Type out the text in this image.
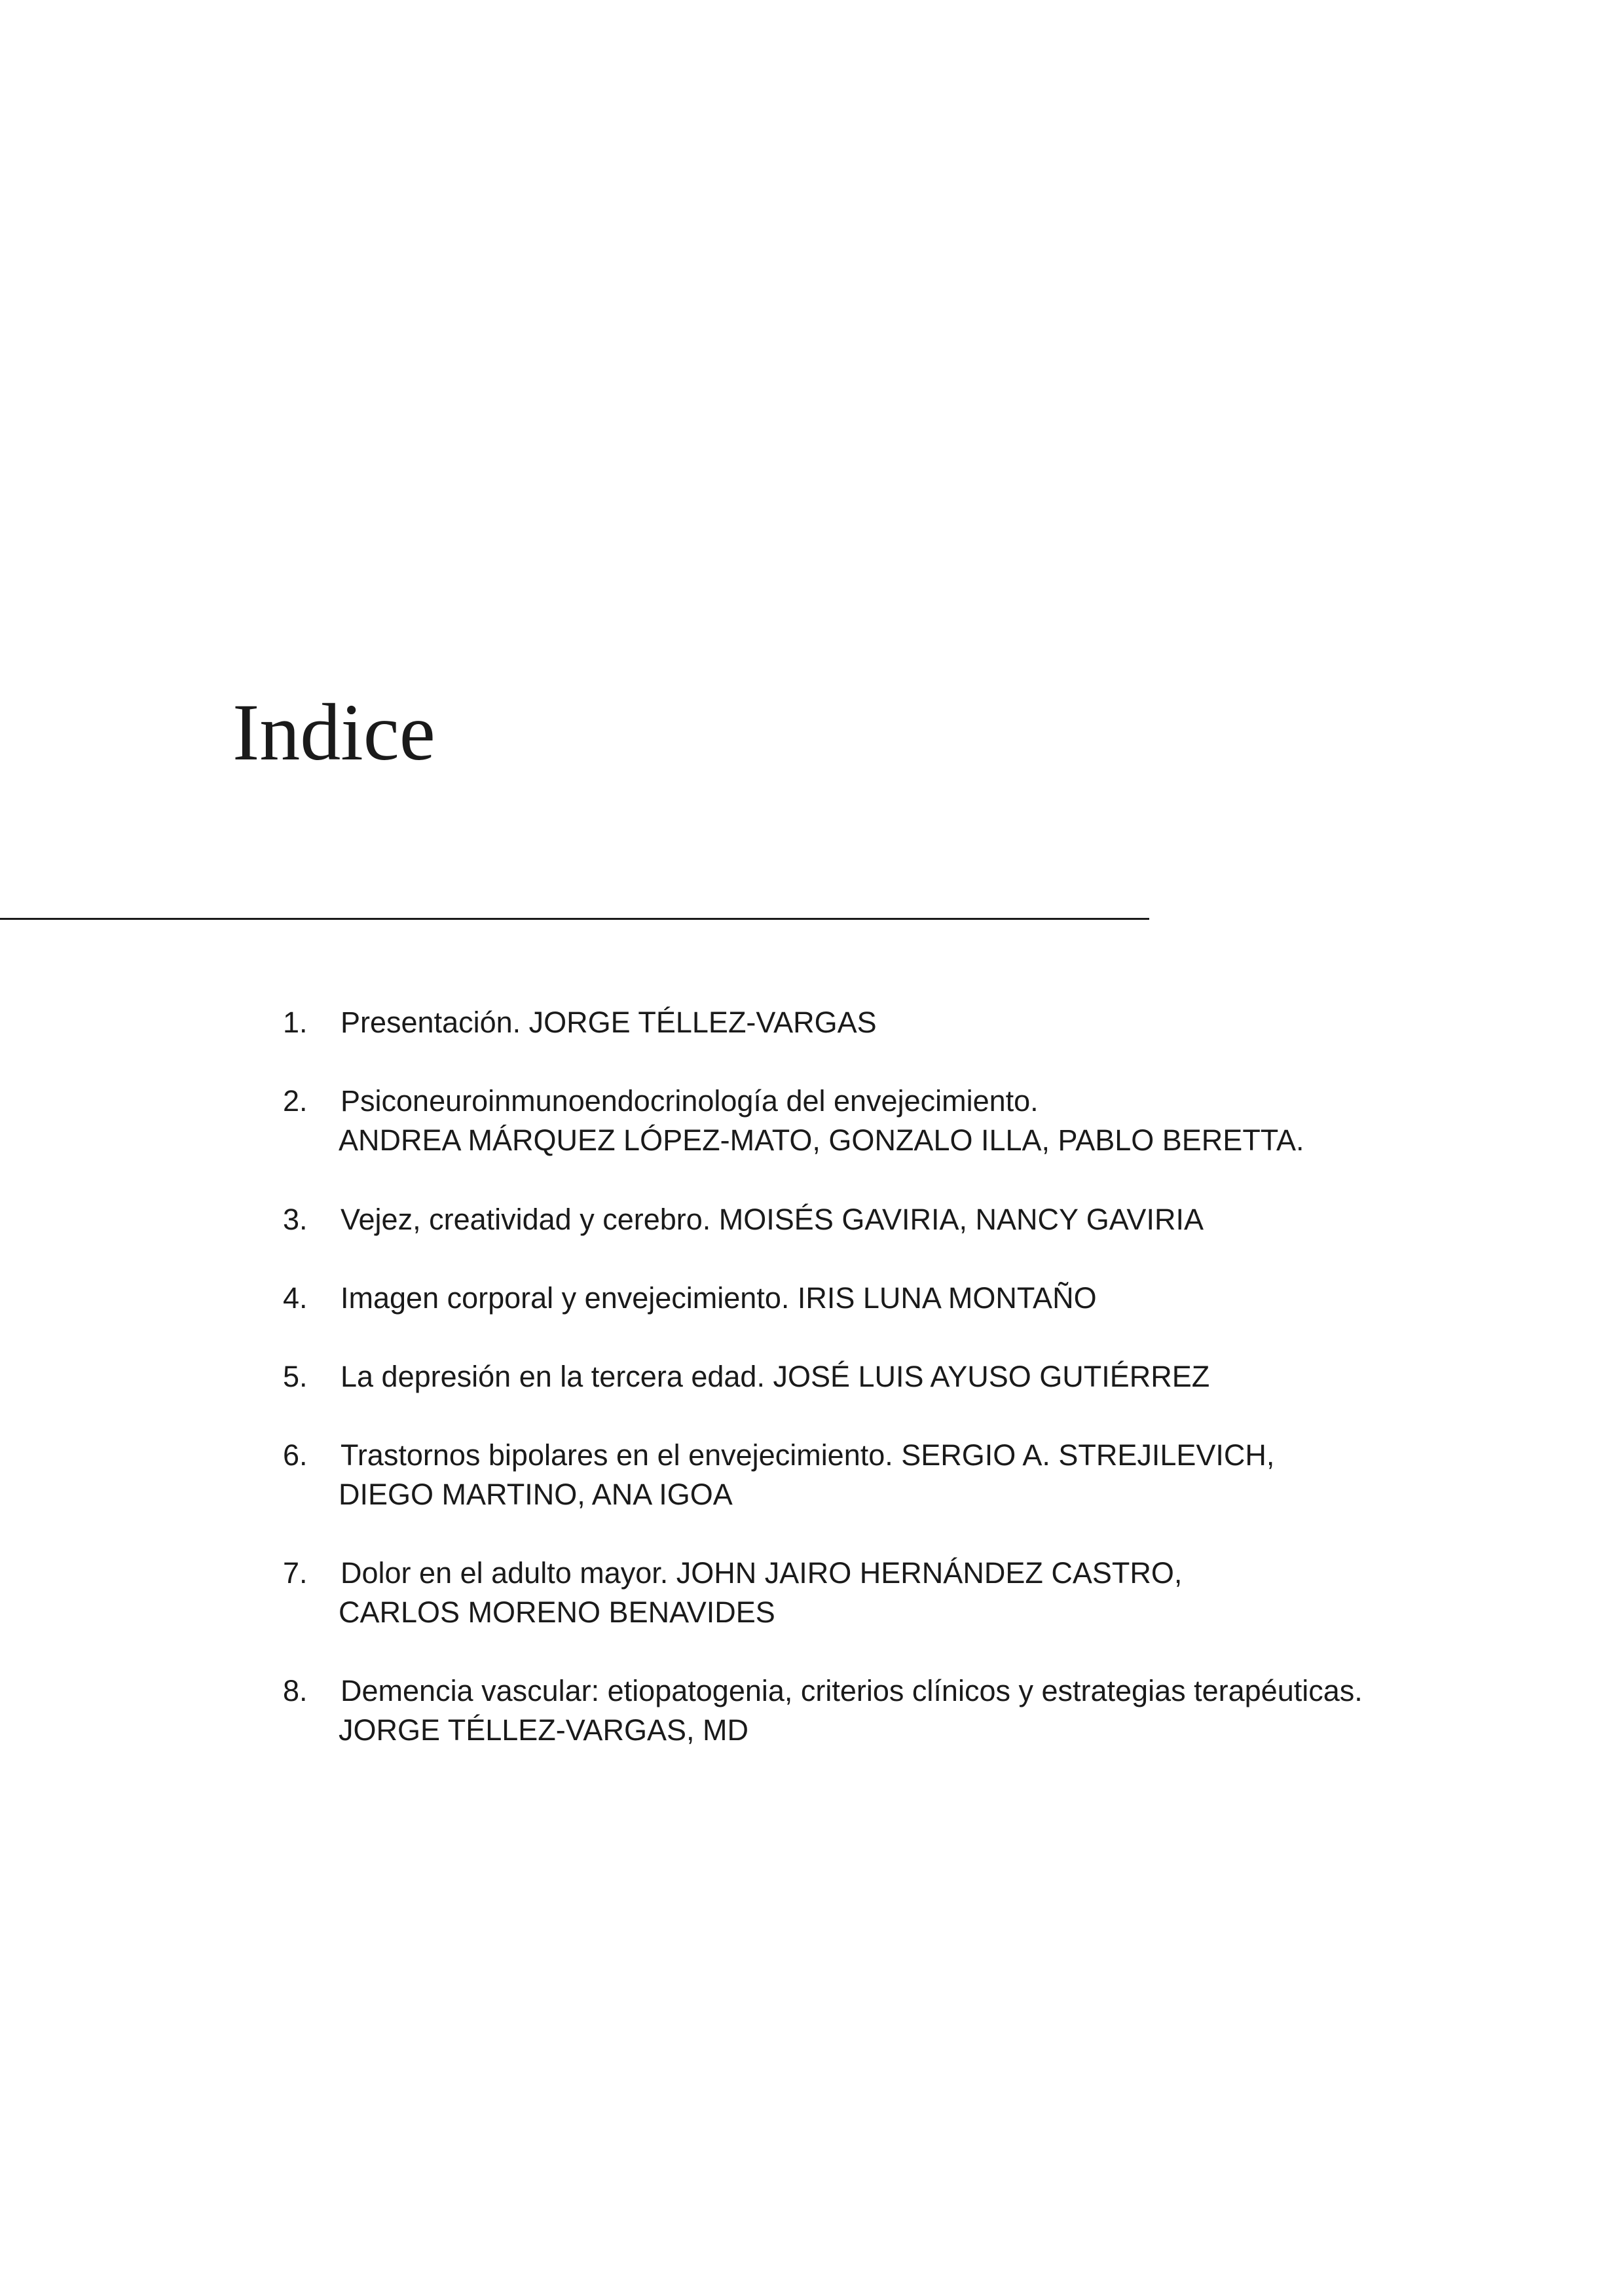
Indice
1. Presentación. JORGE TÉLLEZ-VARGAS
2. Psiconeuroinmunoendocrinología del envejecimiento.
ANDREA MÁRQUEZ LÓPEZ-MATO, GONZALO ILLA, PABLO BERETTA.
3. Vejez, creatividad y cerebro. MOISÉS GAVIRIA, NANCY GAVIRIA
4. Imagen corporal y envejecimiento. IRIS LUNA MONTAÑO
5. La depresión en la tercera edad. JOSÉ LUIS AYUSO GUTIÉRREZ
6. Trastornos bipolares en el envejecimiento. SERGIO A. STREJILEVICH,
DIEGO MARTINO, ANA IGOA
7. Dolor en el adulto mayor. JOHN JAIRO HERNÁNDEZ CASTRO,
CARLOS MORENO BENAVIDES
8. Demencia vascular: etiopatogenia, criterios clínicos y estrategias terapéuticas.
JORGE TÉLLEZ-VARGAS, MD
